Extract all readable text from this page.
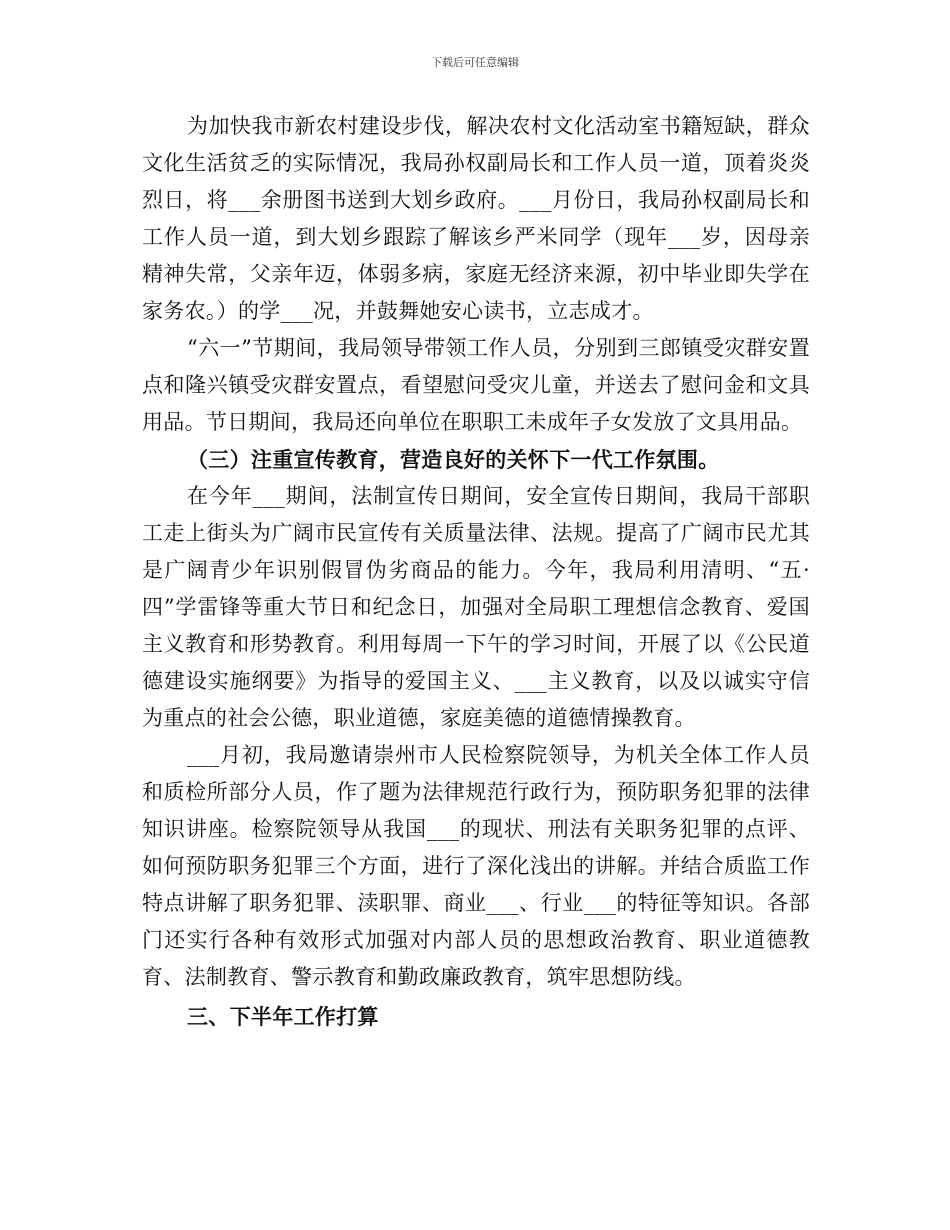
下载后可任意编辑

为加快我市新农村建设步伐，解决农村文化活动室书籍短缺，群众文化生活贫乏的实际情况，我局孙权副局长和工作人员一道，顶着炎炎烈日，将___余册图书送到大划乡政府。___月份日，我局孙权副局长和工作人员一道，到大划乡跟踪了解该乡严米同学（现年___岁，因母亲精神失常，父亲年迈，体弱多病，家庭无经济来源，初中毕业即失学在家务农。）的学___况，并鼓舞她安心读书，立志成才。

“六一”节期间，我局领导带领工作人员，分别到三郎镇受灾群安置点和隆兴镇受灾群安置点，看望慰问受灾儿童，并送去了慰问金和文具用品。节日期间，我局还向单位在职职工未成年子女发放了文具用品。

（三）注重宣传教育，营造良好的关怀下一代工作氛围。

在今年___期间，法制宣传日期间，安全宣传日期间，我局干部职工走上街头为广阔市民宣传有关质量法律、法规。提高了广阔市民尤其是广阔青少年识别假冒伪劣商品的能力。今年，我局利用清明、“五·四”学雷锋等重大节日和纪念日，加强对全局职工理想信念教育、爱国主义教育和形势教育。利用每周一下午的学习时间，开展了以《公民道德建设实施纲要》为指导的爱国主义、___主义教育，以及以诚实守信为重点的社会公德，职业道德，家庭美德的道德情操教育。

___月初，我局邀请崇州市人民检察院领导，为机关全体工作人员和质检所部分人员，作了题为法律规范行政行为，预防职务犯罪的法律知识讲座。检察院领导从我国___的现状、刑法有关职务犯罪的点评、如何预防职务犯罪三个方面，进行了深化浅出的讲解。并结合质监工作特点讲解了职务犯罪、渎职罪、商业___、行业___的特征等知识。各部门还实行各种有效形式加强对内部人员的思想政治教育、职业道德教育、法制教育、警示教育和勤政廉政教育，筑牢思想防线。

三、下半年工作打算
